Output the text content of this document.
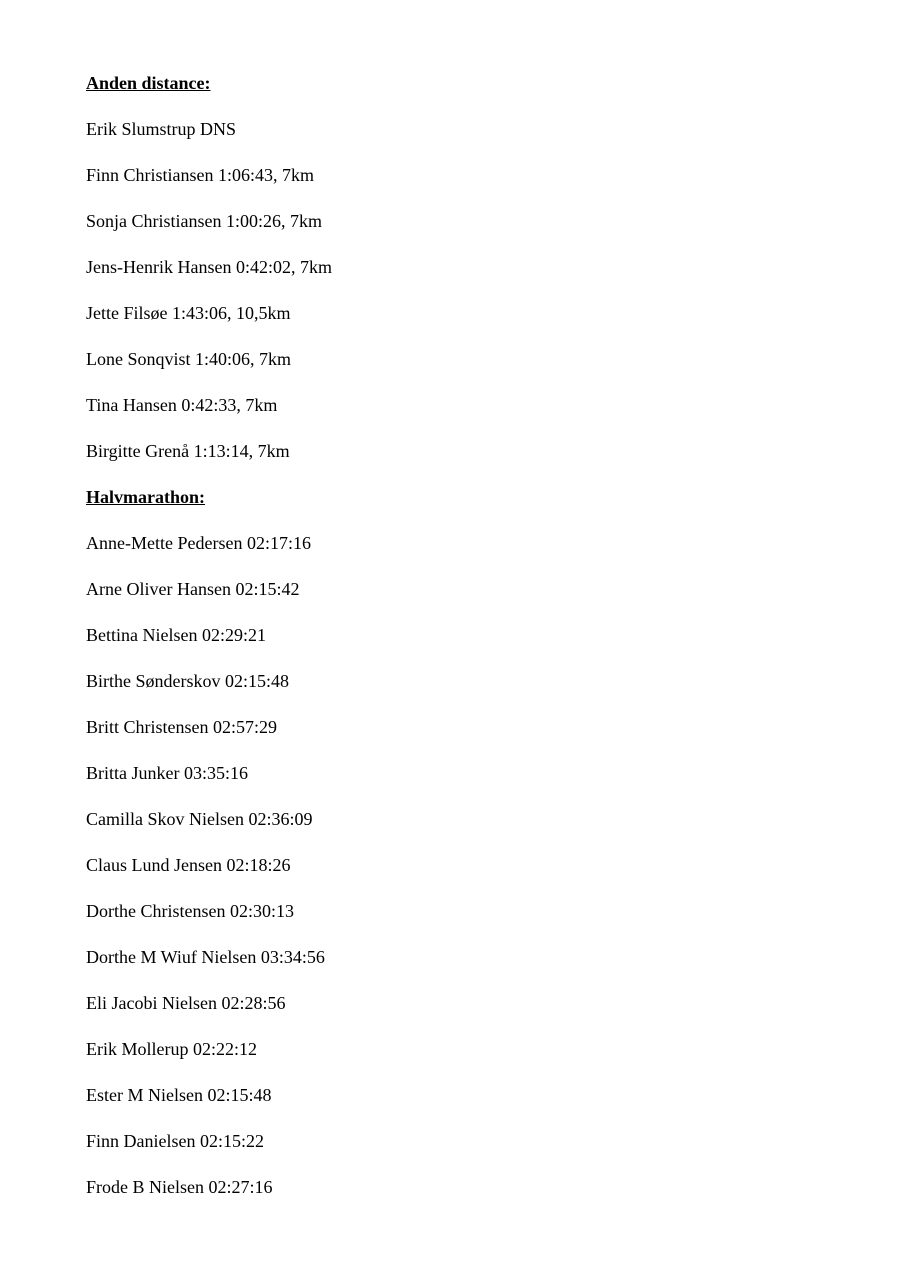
Anden distance:
Erik Slumstrup DNS
Finn Christiansen 1:06:43, 7km
Sonja Christiansen 1:00:26, 7km
Jens-Henrik Hansen 0:42:02, 7km
Jette Filsøe 1:43:06, 10,5km
Lone Sonqvist 1:40:06, 7km
Tina Hansen 0:42:33, 7km
Birgitte Grenå 1:13:14, 7km
Halvmarathon:
Anne-Mette Pedersen 02:17:16
Arne Oliver Hansen 02:15:42
Bettina Nielsen 02:29:21
Birthe Sønderskov 02:15:48
Britt Christensen 02:57:29
Britta Junker 03:35:16
Camilla Skov Nielsen 02:36:09
Claus Lund Jensen 02:18:26
Dorthe Christensen 02:30:13
Dorthe M Wiuf Nielsen 03:34:56
Eli Jacobi Nielsen 02:28:56
Erik Mollerup 02:22:12
Ester M Nielsen 02:15:48
Finn Danielsen 02:15:22
Frode B Nielsen 02:27:16
